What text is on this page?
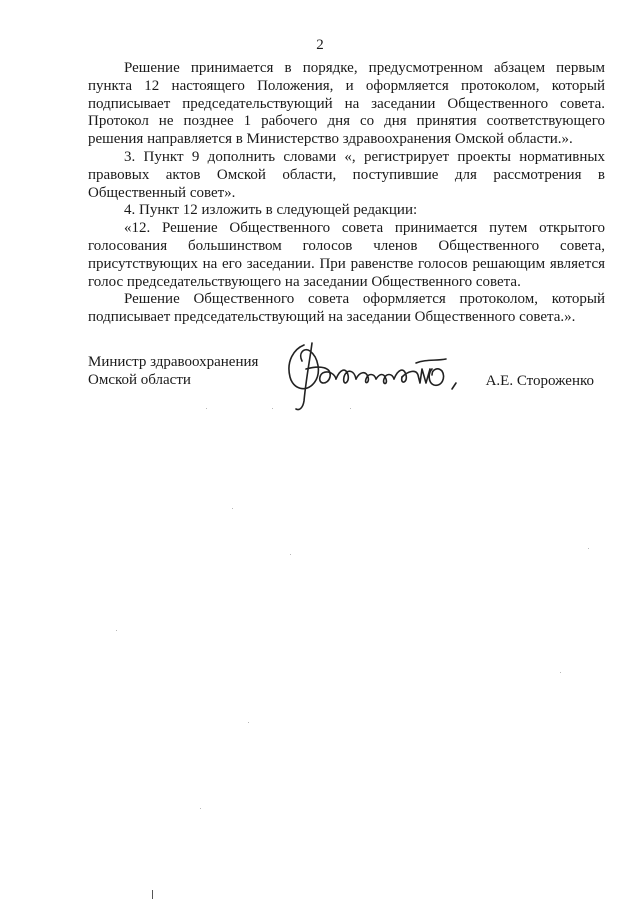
2

Решение принимается в порядке, предусмотренном абзацем первым пункта 12 настоящего Положения, и оформляется протоколом, который подписывает председательствующий на заседании Общественного совета. Протокол не позднее 1 рабочего дня со дня принятия соответствующего решения направляется в Министерство здравоохранения Омской области.».

3. Пункт 9 дополнить словами «, регистрирует проекты нормативных правовых актов Омской области, поступившие для рассмотрения в Общественный совет».

4. Пункт 12 изложить в следующей редакции:

«12. Решение Общественного совета принимается путем открытого голосования большинством голосов членов Общественного совета, присутствующих на его заседании. При равенстве голосов решающим является голос председательствующего на заседании Общественного совета.

Решение Общественного совета оформляется протоколом, который подписывает председательствующий на заседании Общественного совета.».

Министр здравоохранения
Омской области	А.Е. Стороженко
